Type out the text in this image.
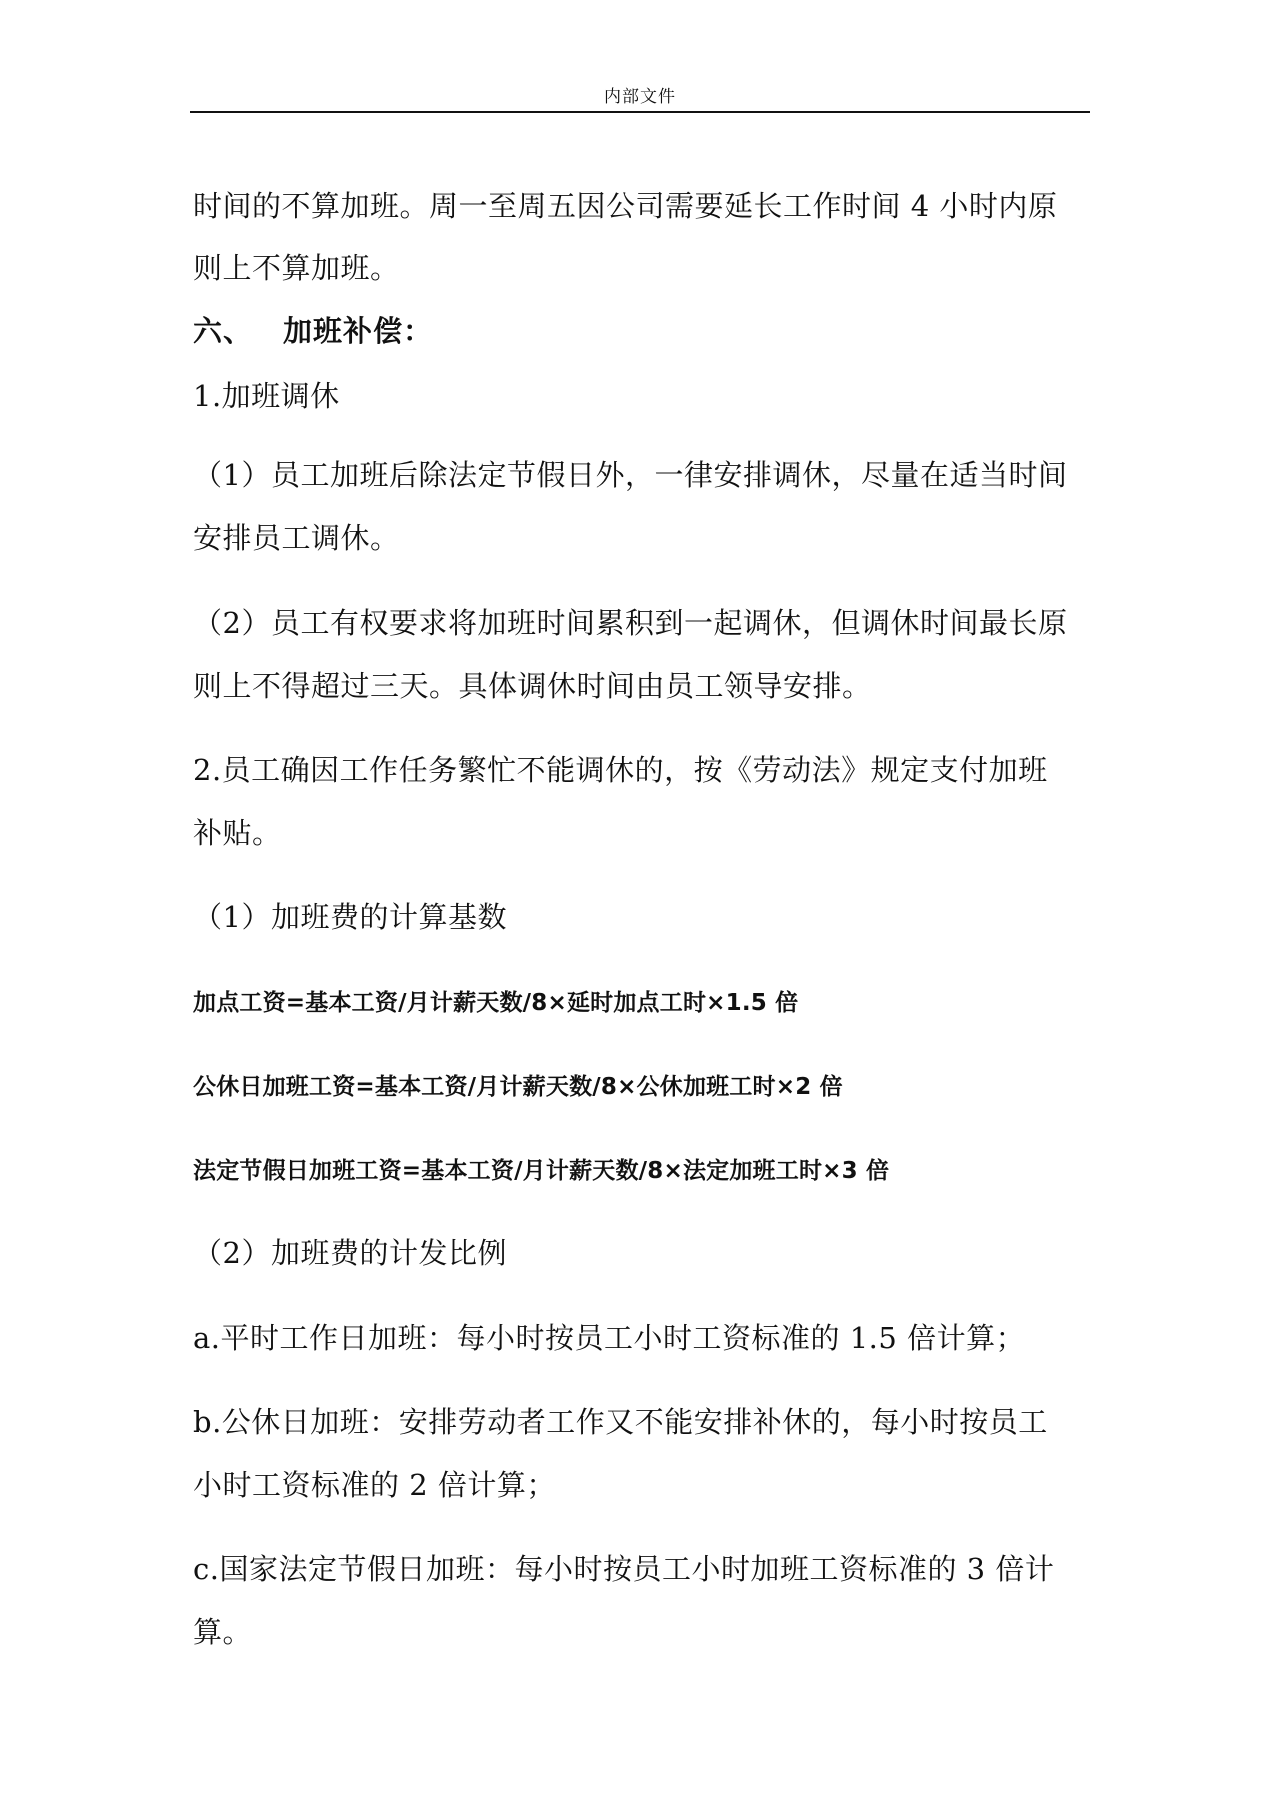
内部文件
时间的不算加班。周一至周五因公司需要延长工作时间 4 小时内原
则上不算加班。
六、 加班补偿：
1.加班调休
（1）员工加班后除法定节假日外，一律安排调休，尽量在适当时间
安排员工调休。
（2）员工有权要求将加班时间累积到一起调休，但调休时间最长原
则上不得超过三天。具体调休时间由员工领导安排。
2.员工确因工作任务繁忙不能调休的，按《劳动法》规定支付加班
补贴。
（1）加班费的计算基数
加点工资=基本工资/月计薪天数/8×延时加点工时×1.5 倍
公休日加班工资=基本工资/月计薪天数/8×公休加班工时×2 倍
法定节假日加班工资=基本工资/月计薪天数/8×法定加班工时×3 倍
（2）加班费的计发比例
a.平时工作日加班：每小时按员工小时工资标准的 1.5 倍计算；
b.公休日加班：安排劳动者工作又不能安排补休的，每小时按员工
小时工资标准的 2 倍计算；
c.国家法定节假日加班：每小时按员工小时加班工资标准的 3 倍计
算。
